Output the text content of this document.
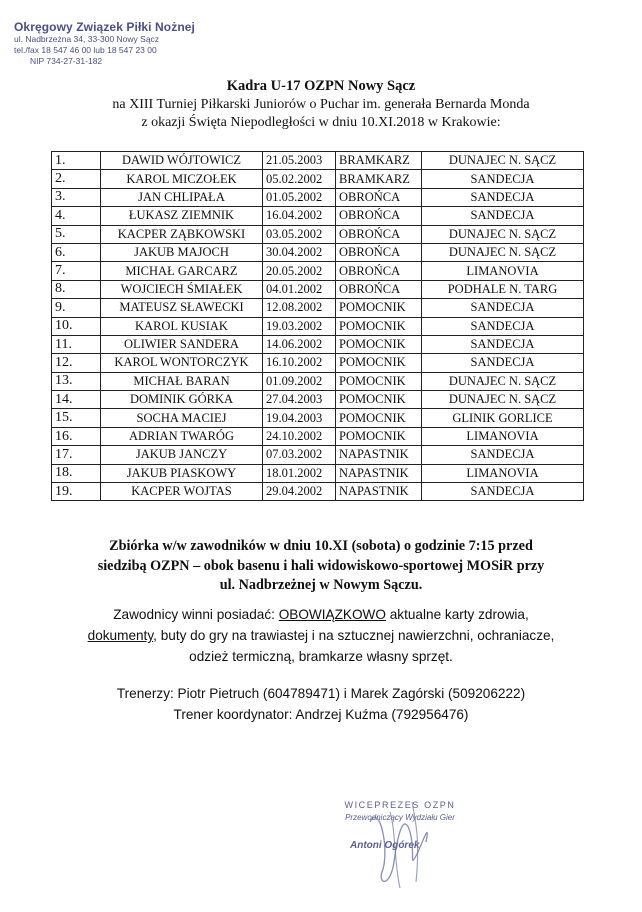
Okręgowy Związek Piłki Nożnej
ul. Nadbrzeżna 34, 33-300 Nowy Sącz
tel./fax 18 547 46 00 lub 18 547 23 00
NIP 734-27-31-182
Kadra U-17 OZPN Nowy Sącz
na XIII Turniej Piłkarski Juniorów o Puchar im. generała Bernarda Monda
z okazji Święta Niepodległości w dniu 10.XI.2018 w Krakowie:
1.	DAWID WÓJTOWICZ	21.05.2003	BRAMKARZ	DUNAJEC N. SĄCZ
2.	KAROL MICZOŁEK	05.02.2002	BRAMKARZ	SANDECJA
3.	JAN CHLIPAŁA	01.05.2002	OBROŃCA	SANDECJA
4.	ŁUKASZ ZIEMNIK	16.04.2002	OBROŃCA	SANDECJA
5.	KACPER ZĄBKOWSKI	03.05.2002	OBROŃCA	DUNAJEC N. SĄCZ
6.	JAKUB MAJOCH	30.04.2002	OBROŃCA	DUNAJEC N. SĄCZ
7.	MICHAŁ GARCARZ	20.05.2002	OBROŃCA	LIMANOVIA
8.	WOJCIECH ŚMIAŁEK	04.01.2002	OBROŃCA	PODHALE N. TARG
9.	MATEUSZ SŁAWECKI	12.08.2002	POMOCNIK	SANDECJA
10.	KAROL KUSIAK	19.03.2002	POMOCNIK	SANDECJA
11.	OLIWIER SANDERA	14.06.2002	POMOCNIK	SANDECJA
12.	KAROL WONTORCZYK	16.10.2002	POMOCNIK	SANDECJA
13.	MICHAŁ BARAN	01.09.2002	POMOCNIK	DUNAJEC N. SĄCZ
14.	DOMINIK GÓRKA	27.04.2003	POMOCNIK	DUNAJEC N. SĄCZ
15.	SOCHA MACIEJ	19.04.2003	POMOCNIK	GLINIK GORLICE
16.	ADRIAN TWARÓG	24.10.2002	POMOCNIK	LIMANOVIA
17.	JAKUB JANCZY	07.03.2002	NAPASTNIK	SANDECJA
18.	JAKUB PIASKOWY	18.01.2002	NAPASTNIK	LIMANOVIA
19.	KACPER WOJTAS	29.04.2002	NAPASTNIK	SANDECJA
Zbiórka w/w zawodników w dniu 10.XI (sobota) o godzinie 7:15 przed
siedzibą OZPN – obok basenu i hali widowiskowo-sportowej MOSiR przy
ul. Nadbrzeżnej w Nowym Sączu.
Zawodnicy winni posiadać: OBOWIĄZKOWO aktualne karty zdrowia,
dokumenty, buty do gry na trawiastej i na sztucznej nawierzchni, ochraniacze,
odzież termiczną, bramkarze własny sprzęt.
Trenerzy: Piotr Pietruch (604789471) i Marek Zagórski (509206222)
Trener koordynator: Andrzej Kuźma (792956476)
WICEPREZES OZPN
Przewodniczący Wydziału Gier
Antoni Ogórek
